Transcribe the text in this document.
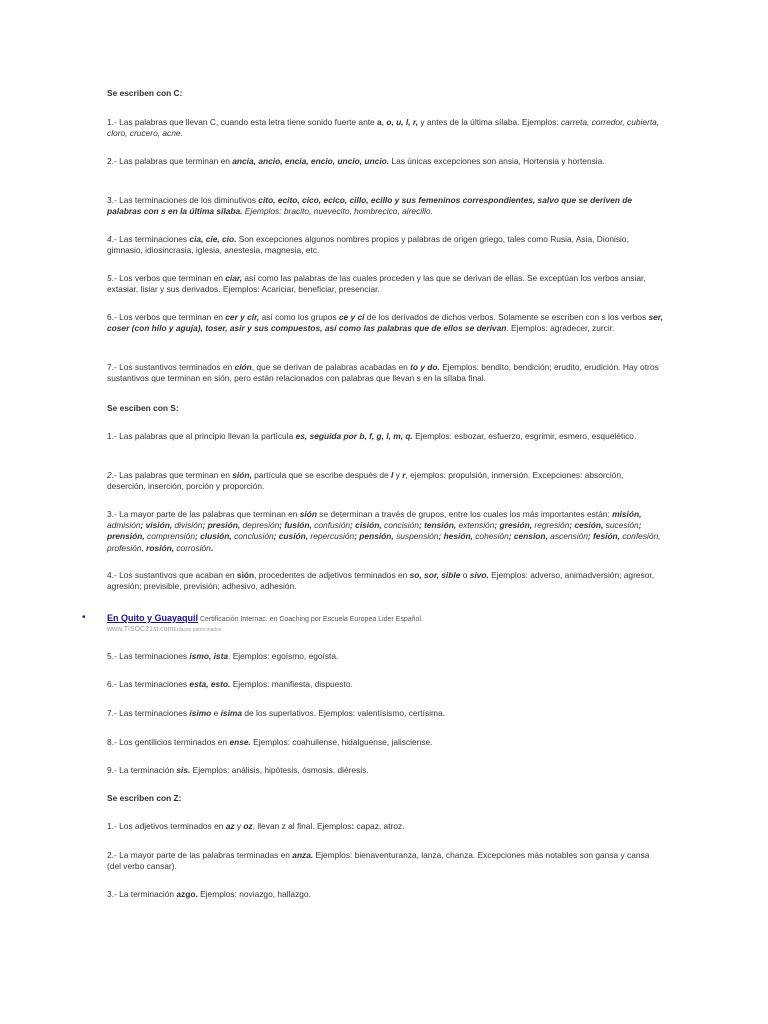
• En Quito y Guayaquil Certificación Internac. en Coaching por Escuela Europea Lider Español.
www.TISOC21st.comEnlaces patrocinados
Se escriben con C:
1.- Las palabras que llevan C, cuando esta letra tiene sonido fuerte ante a, o, u, l, r, y antes de la última sílaba. Ejemplos: carreta, corredor, cubierta, cloro, crucero, acne.
2.- Las palabras que terminan en ancia, ancio, encia, encio, uncio, uncio. Las únicas excepciones son ansia, Hortensia y hortensia.
3.- Las terminaciones de los diminutivos cito, ecito, cico, ecico, cillo, ecillo y sus femeninos correspondientes, salvo que se deriven de palabras con s en la última silaba. Ejemplos: bracito, nuevecito, hombrecico, airecillo.
4.- Las terminaciones cia, cie, cio. Son excepciones algunos nombres propios y palabras de origen griego, tales como Rusia, Asia, Dionisio, gimnasio, idiosincrasia, iglesia, anestesia, magnesia, etc.
5.- Los verbos que terminan en ciar, así como las palabras de las cuales proceden y las que se derivan de ellas. Se exceptúan los verbos ansiar, extasiar, lisiar y sus derivados. Ejemplos: Acariciar, beneficiar, presenciar.
6.- Los verbos que terminan en cer y cir, así como los grupos ce y ci de los derivados de dichos verbos. Solamente se escriben con s los verbos ser, coser (con hilo y aguja), toser, asir y sus compuestos, así como las palabras que de ellos se derivan. Ejemplos: agradecer, zurcir.
7.- Los sustantivos terminados en ción, que se derivan de palabras acabadas en to y do. Ejemplos: bendito, bendición; erudito, erudición. Hay otros sustantivos que terminan en sión, pero están relacionados con palabras que llevan s en la sílaba final.
Se esciben con S:
1.- Las palabras que al principio llevan la partícula es, seguida por b, f, g, l, m, q. Ejemplos: esbozar, esfuerzo, esgrimir, esmero, esquelético.
2.- Las palabras que terminan en sión, partícula que se escribe después de l y r, ejemplos: propulsión, inmersión. Excepciones: absorción, deserción, inserción, porción y proporción.
3.- La mayor parte de las palabras que terminan en sión se determinan a través de grupos, entre los cuales los más importantes están: misión, admisión; visión, división; presión, depresión; fusión, confusión; cisión, concisión; tensión, extensión; gresión, regresión; cesión, sucesión; prensión, comprensión; clusión, conclusión; cusión, repercusión; pensión, suspensión; hesión, cohesión; cension, ascensión; fesión, confesión, profesión, rosión, corrosión.
4.- Los sustantivos que acaban en sión, procedentes de adjetivos terminados en so, sor, sible o sivo. Ejemplos: adverso, animadversión; agresor, agresión; previsible, previsión; adhesivo, adhesión.
5.- Las terminaciones ismo, ista. Ejemplos: egoísmo, egoísta.
6.- Las terminaciones esta, esto. Ejemplos: manifiesta, dispuesto.
7.- Las terminaciones ísimo e ísima de los superlativos. Ejemplos: valentísismo, certísima.
8.- Los gentilicios terminados en ense. Ejemplos: coahuilense, hidalguense, jalisciense.
9.- La terminación sis. Ejemplos: análisis, hipótesis, ósmosis, diéresis.
Se escriben con Z:
1.- Los adjetivos terminados en az y oz, llevan z al final. Ejemplos: capaz, atroz.
2.- La mayor parte de las palabras terminadas en anza. Ejemplos: bienaventuranza, lanza, chanza. Excepciones más notables son gansa y cansa (del verbo cansar).
3.- La terminación azgo. Ejemplos: noviazgo, hallazgo.
